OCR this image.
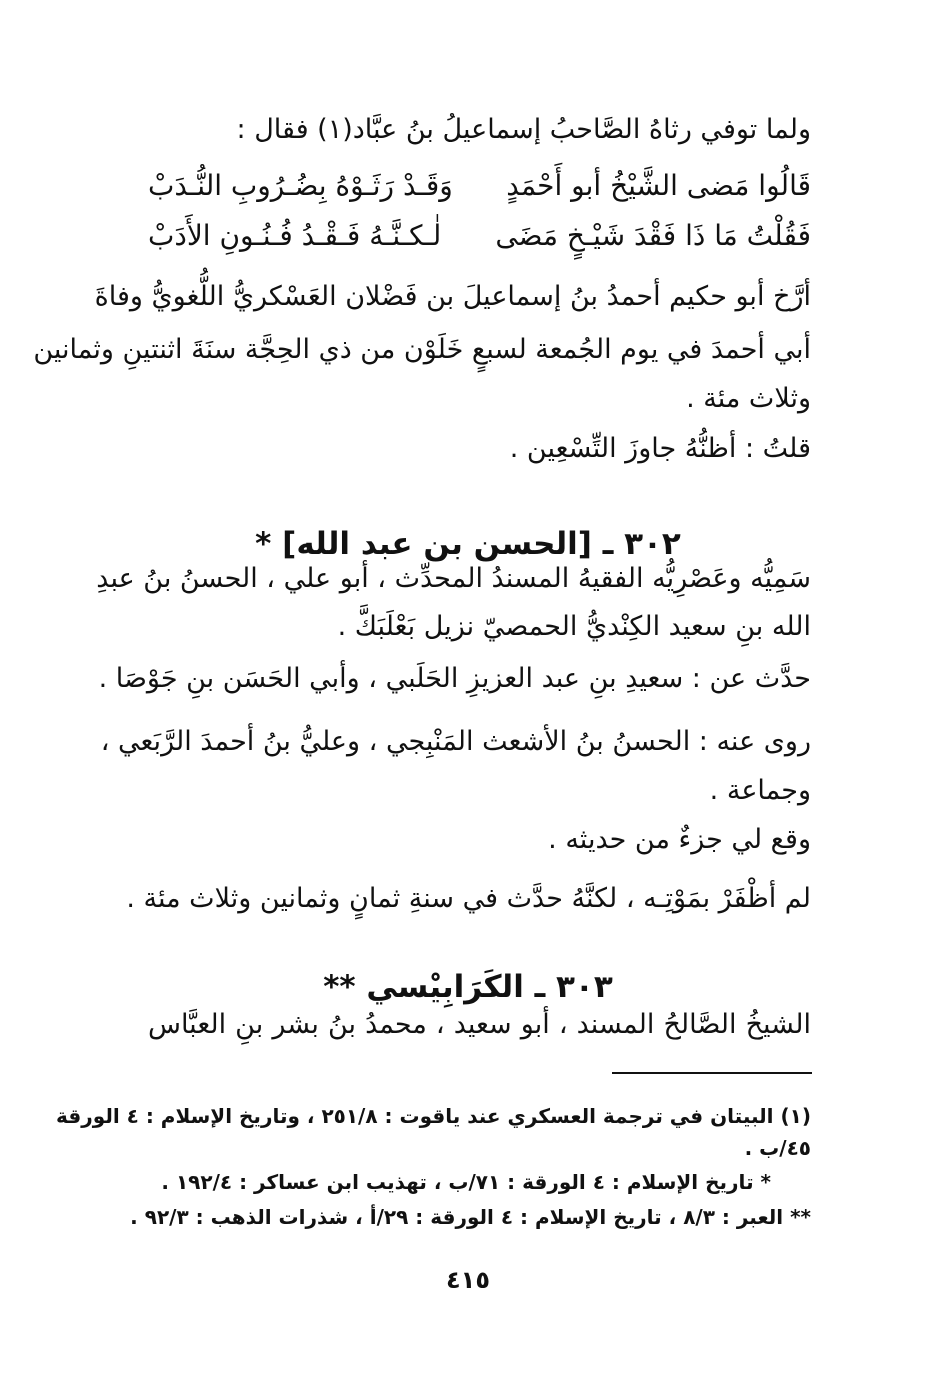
ولما توفي رثاهُ الصَّاحبُ إسماعيلُ بنُ عبَّاد(١) فقال :

قَالُوا مَضى الشَّيْخُ أبو أَحْمَدٍ
وَقَـدْ رَثَـوْهُ بِضُـرُوبِ النُّـدَبْ
فَقُلْتُ مَا ذَا فَقْدَ شَيْـخٍ مَضَى
لٰـكـنَّـهُ فَـقْـدُ فُـنُـونِ الأَدَبْ

أرَّخ أبو حكيم أحمدُ بنُ إسماعيلَ بن فَضْلان العَسْكريُّ اللُّغويُّ وفاةَ

أبي أحمدَ في يوم الجُمعة لسبعٍ خَلَوْن من ذي الحِجَّة سنَةَ اثنتينِ وثمانين

وثلاث مئة .

قلتُ : أظنُّهُ جاوزَ التِّسْعِين .

٣٠٢ ـ [الحسن بن عبد الله] *

سَمِيُّه وعَصْرِيُّه الفقيهُ المسندُ المحدِّث ، أبو علي ، الحسنُ بنُ عبدِ

الله بنِ سعيد الكِنْديُّ الحمصيّ نزيل بَعْلَبَكَّ .

حدَّث عن : سعيدِ بنِ عبد العزيزِ الحَلَبي ، وأبي الحَسَن بنِ جَوْصَا .

روى عنه : الحسنُ بنُ الأشعث المَنْبِجي ، وعليُّ بنُ أحمدَ الرَّبَعي ،

وجماعة .

وقع لي جزءٌ من حديثه .

لم أظْفَرْ بمَوْتِـه ، لكنَّهُ حدَّث في سنةِ ثمانٍ وثمانين وثلاث مئة .

٣٠٣ ـ الكَرَابِيْسي **

الشيخُ الصَّالحُ المسند ، أبو سعيد ، محمدُ بنُ بشر بنِ العبَّاس

(١) البيتان في ترجمة العسكري عند ياقوت : ٢٥١/٨ ، وتاريخ الإسلام : ٤ الورقة

٤٥/ب .

* تاريخ الإسلام : ٤ الورقة : ٧١/ب ، تهذيب ابن عساكر : ١٩٢/٤ .

** العبر : ٨/٣ ، تاريخ الإسلام : ٤ الورقة : ٢٩/أ ، شذرات الذهب : ٩٢/٣ .

٤١٥
